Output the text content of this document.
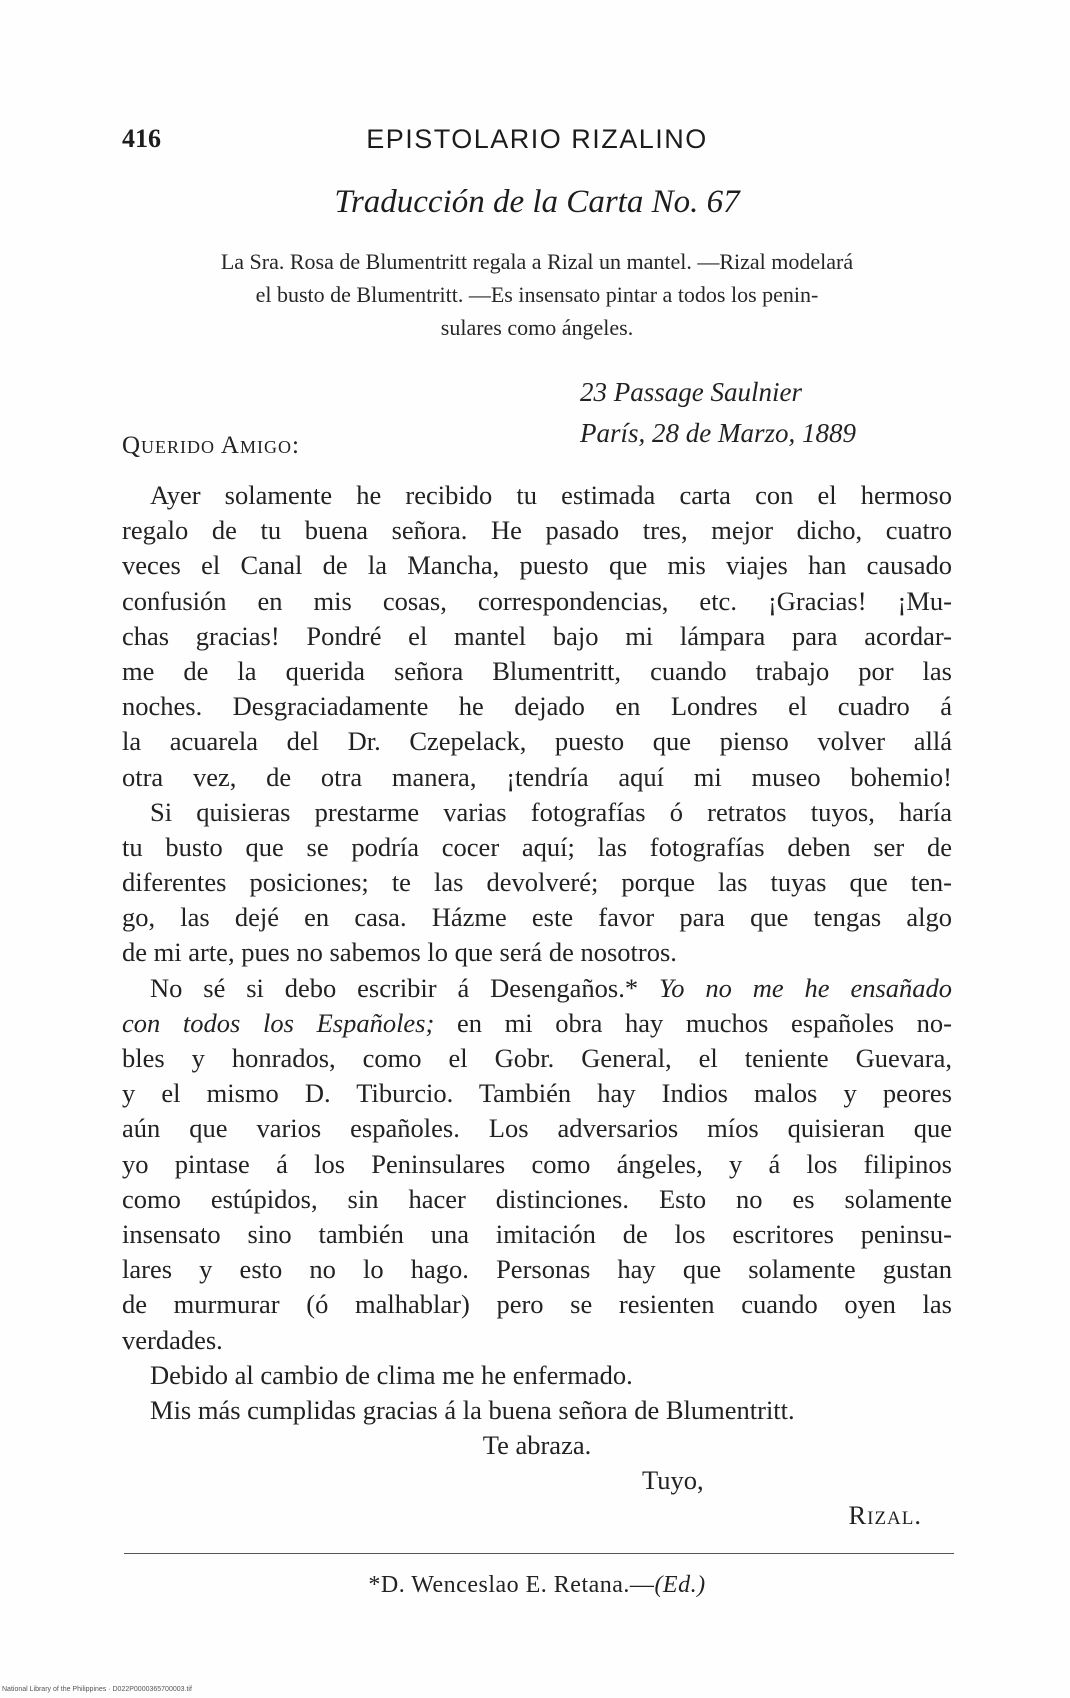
416	EPISTOLARIO RIZALINO
Traducción de la Carta No. 67
La Sra. Rosa de Blumentritt regala a Rizal un mantel. —Rizal modelará
el busto de Blumentritt. —Es insensato pintar a todos los penin-
sulares como ángeles.
23 Passage Saulnier
París, 28 de Marzo, 1889
Querido Amigo:
Ayer solamente he recibido tu estimada carta con el hermoso
regalo de tu buena señora. He pasado tres, mejor dicho, cuatro
veces el Canal de la Mancha, puesto que mis viajes han causado
confusión en mis cosas, correspondencias, etc. ¡Gracias! ¡Mu-
chas gracias! Pondré el mantel bajo mi lámpara para acordar-
me de la querida señora Blumentritt, cuando trabajo por las
noches. Desgraciadamente he dejado en Londres el cuadro á
la acuarela del Dr. Czepelack, puesto que pienso volver allá
otra vez, de otra manera, ¡tendría aquí mi museo bohemio!
Si quisieras prestarme varias fotografías ó retratos tuyos, haría
tu busto que se podría cocer aquí; las fotografías deben ser de
diferentes posiciones; te las devolveré; porque las tuyas que ten-
go, las dejé en casa. Házme este favor para que tengas algo
de mi arte, pues no sabemos lo que será de nosotros.
No sé si debo escribir á Desengaños.* Yo no me he ensañado
con todos los Españoles; en mi obra hay muchos españoles no-
bles y honrados, como el Gobr. General, el teniente Guevara,
y el mismo D. Tiburcio. También hay Indios malos y peores
aún que varios españoles. Los adversarios míos quisieran que
yo pintase á los Peninsulares como ángeles, y á los filipinos
como estúpidos, sin hacer distinciones. Esto no es solamente
insensato sino también una imitación de los escritores peninsu-
lares y esto no lo hago. Personas hay que solamente gustan
de murmurar (ó malhablar) pero se resienten cuando oyen las
verdades.
Debido al cambio de clima me he enfermado.
Mis más cumplidas gracias á la buena señora de Blumentritt.
Te abraza.
Tuyo,
Rizal.
*D. Wenceslao E. Retana.—(Ed.)
National Library of the Philippines · D022P0000365700003.tif
